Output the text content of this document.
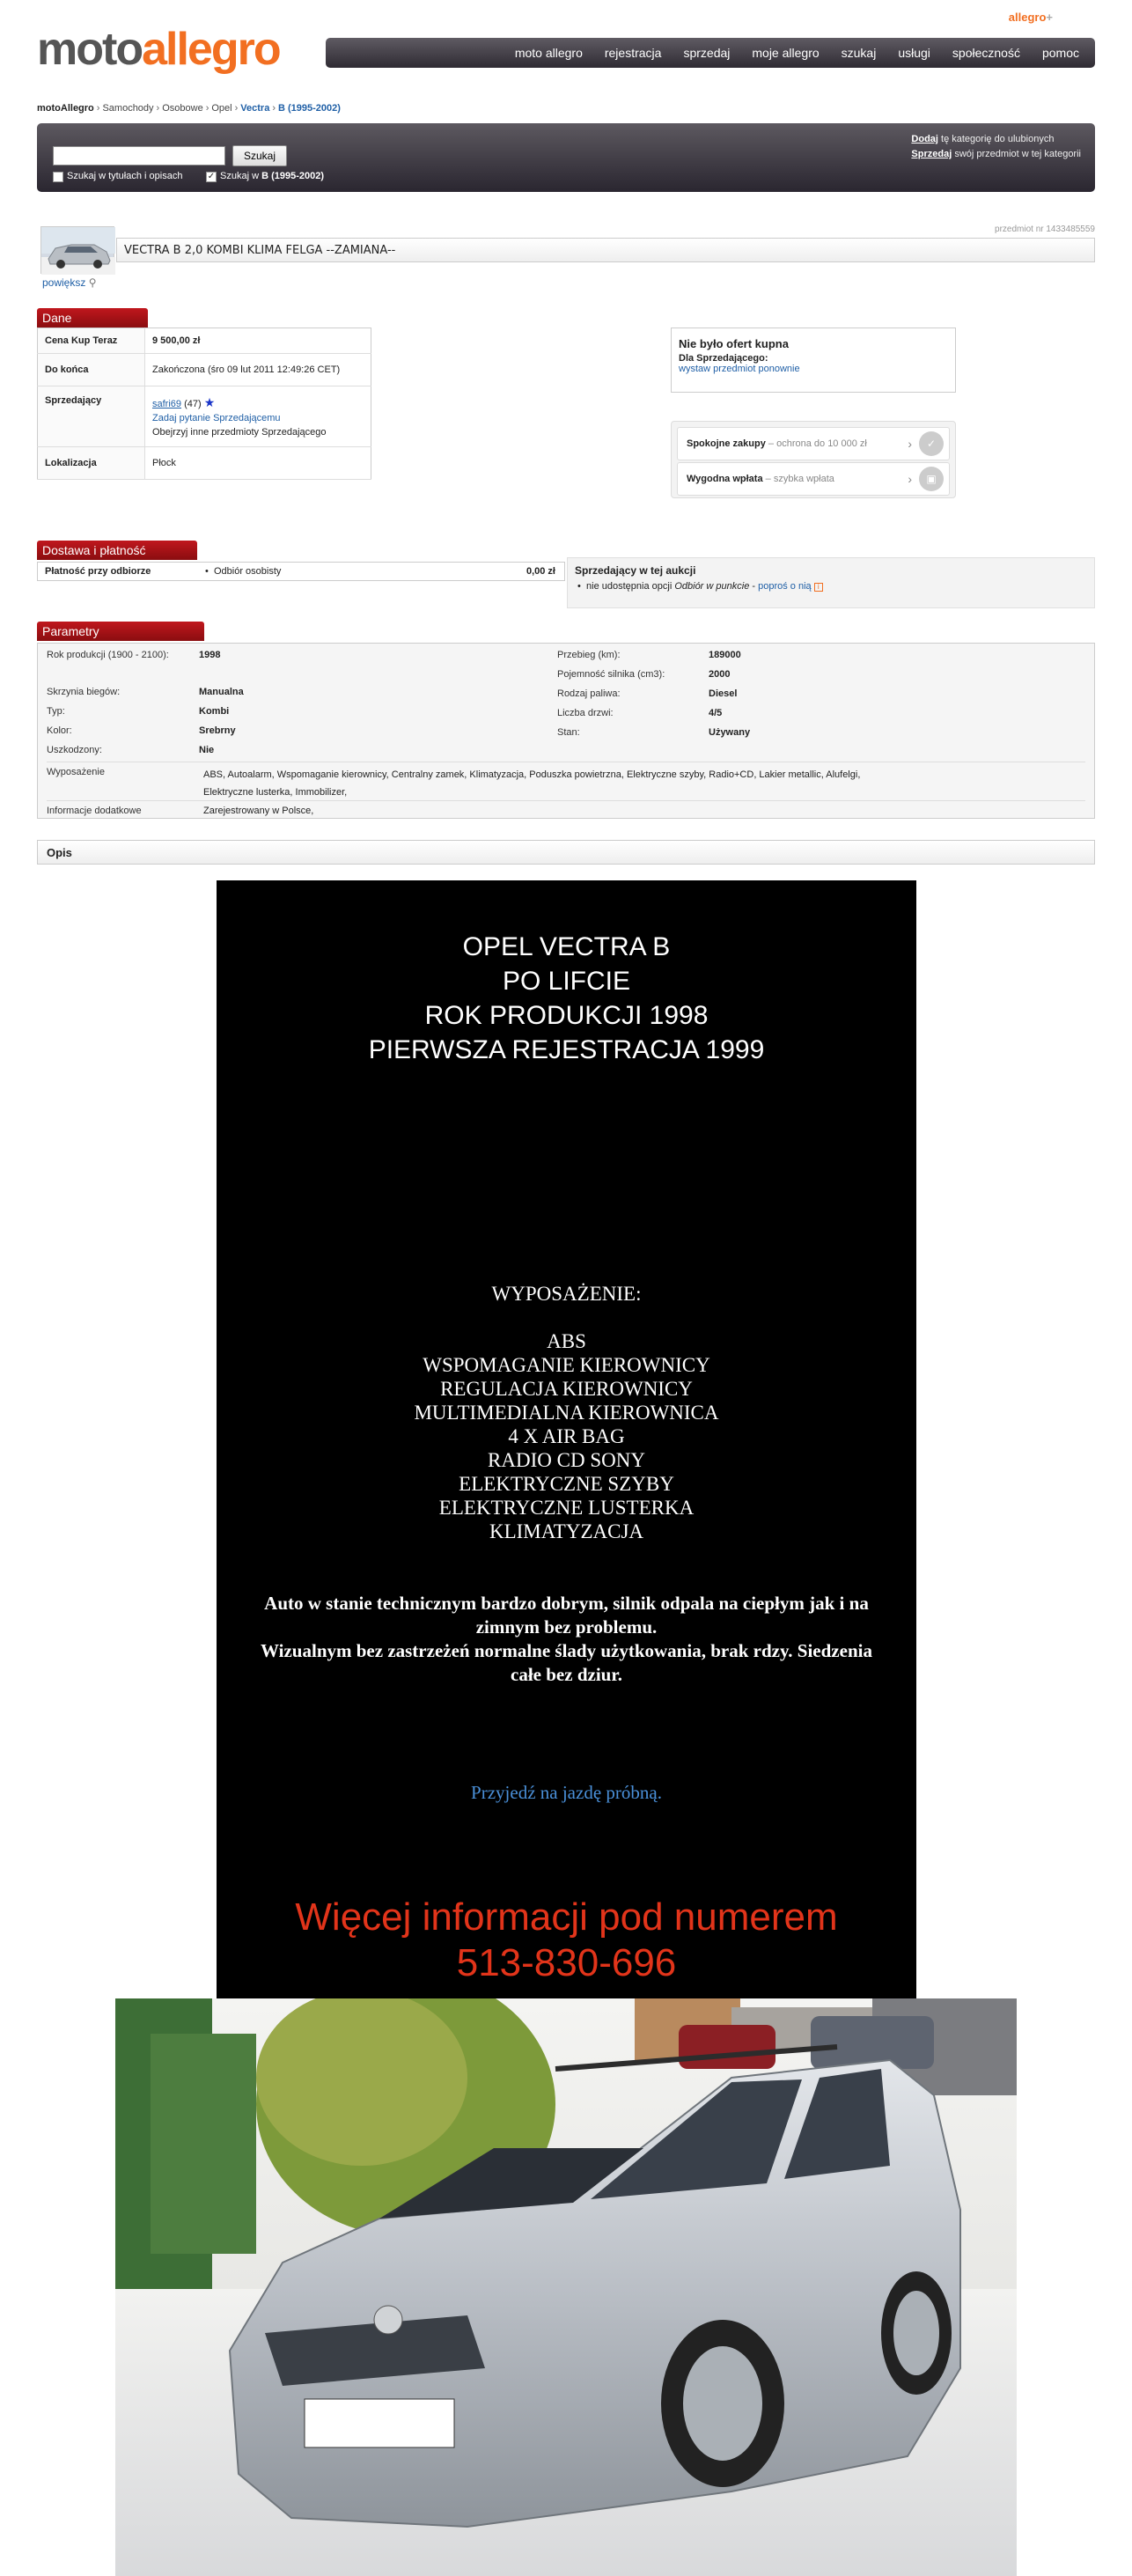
allegro+
motoallegro	moto allegro rejestracja sprzedaj moje allegro szukaj usługi społeczność pomoc
motoAllegro › Samochody › Osobowe › Opel › Vectra › B (1995-2002)
Szukaj
Szukaj w tytułach i opisach	✓ Szukaj w B (1995-2002)
Dodaj tę kategorię do ulubionych
Sprzedaj swój przedmiot w tej kategorii
przedmiot nr 1433485559
VECTRA B 2,0 KOMBI KLIMA FELGA --ZAMIANA--
powiększ ⚲
Dane
Cena Kup Teraz	9 500,00 zł
Do końca	Zakończona (śro 09 lut 2011 12:49:26 CET)
Sprzedający	safri69 (47) ★
Zadaj pytanie Sprzedającemu
Obejrzyj inne przedmioty Sprzedającego

Lokalizacja	Płock
Nie było ofert kupna
Dla Sprzedającego:
wystaw przedmiot ponownie
Spokojne zakupy – ochrona do 10 000 zł	›	✓
Wygodna wpłata – szybka wpłata	›	▣
Dostawa i płatność
Płatność przy odbiorze	•  Odbiór osobisty	0,00 zł	Sprzedający w tej aukcji
•  nie udostępnia opcji Odbiór w punkcie - poproś o nią i
Parametry
Rok produkcji (1900 - 2100):	1998
Skrzynia biegów:	Manualna
Typ:	Kombi
Kolor:	Srebrny
Uszkodzony:	Nie
Przebieg (km):	189000
Pojemność silnika (cm3):	2000
Rodzaj paliwa:	Diesel
Liczba drzwi:	4/5
Stan:	Używany
Wyposażenie	ABS, Autoalarm, Wspomaganie kierownicy, Centralny zamek, Klimatyzacja, Poduszka powietrzna, Elektryczne szyby, Radio+CD, Lakier metallic, Alufelgi,
Elektryczne lusterka, Immobilizer,
Informacje dodatkowe	Zarejestrowany w Polsce,
Opis
OPEL VECTRA B
PO LIFCIE
ROK PRODUKCJI 1998
PIERWSZA REJESTRACJA 1999
WYPOSAŻENIE:
ABS
WSPOMAGANIE KIEROWNICY
REGULACJA KIEROWNICY
MULTIMEDIALNA KIEROWNICA
4 X AIR BAG
RADIO CD SONY
ELEKTRYCZNE SZYBY
ELEKTRYCZNE LUSTERKA
KLIMATYZACJA
Auto w stanie technicznym bardzo dobrym, silnik odpala na ciepłym jak i na
zimnym bez problemu.
Wizualnym bez zastrzeżeń normalne ślady użytkowania, brak rdzy. Siedzenia
całe bez dziur.
Przyjedź na jazdę próbną.
Więcej informacji pod numerem
513-830-696
